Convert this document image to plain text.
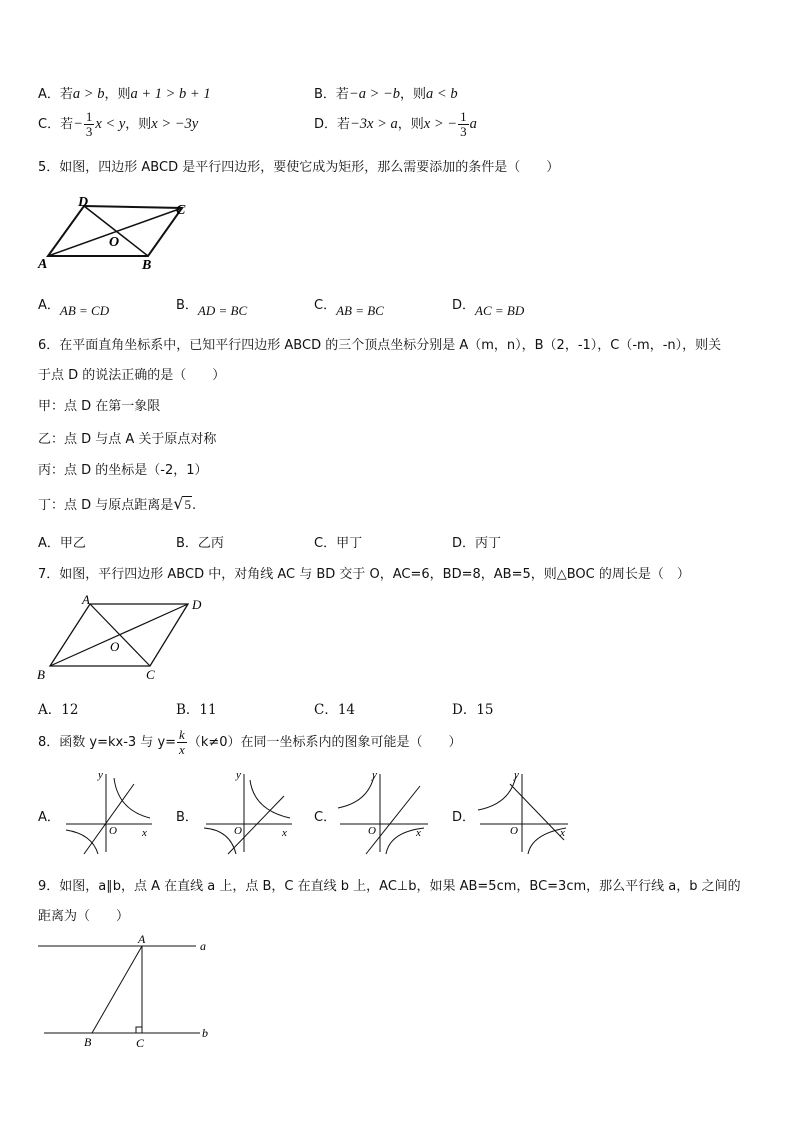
A．若a > b，则a + 1 > b + 1	B．若−a > −b，则a < b
C．若− $\frac{1}{3}$ x < y，则x > −3y	D．若−3x > a，则x > − $\frac{1}{3}$ a
5．如图，四边形 ABCD 是平行四边形，要使它成为矩形，那么需要添加的条件是（　　）
A	B
C
D
O
A．AB = CD	B．AD = BC	C．AB = BC	D．AC = BD
6．在平面直角坐标系中，已知平行四边形 ABCD 的三个顶点坐标分别是 A（m，n），B（2，-1），C（-m，-n），则关
于点 D 的说法正确的是（　　）
甲：点 D 在第一象限
乙：点 D 与点 A 关于原点对称
丙：点 D 的坐标是（-2，1）
丁：点 D 与原点距离是√5.
A．甲乙	B．乙丙	C．甲丁	D．丙丁
7．如图，平行四边形 ABCD 中，对角线 AC 与 BD 交于 O，AC=6，BD=8，AB=5，则△BOC 的周长是（　）
A
B	C
D
O
A．12	B．11	C．14	D．15
8．函数 y=kx-3 与 $y= \frac{k}{x} (k\ne 0)$在同一坐标系内的图象可能是（　　）
A．
y
x
O
B．
y
x
O
C．
y
x
O
D．
y
x
O
9．如图，a∥b，点 A 在直线 a 上，点 B，C 在直线 b 上，AC⊥b，如果 AB=5cm，BC=3cm，那么平行线 a，b 之间的
距离为（　　）
A
B	C
a
b
